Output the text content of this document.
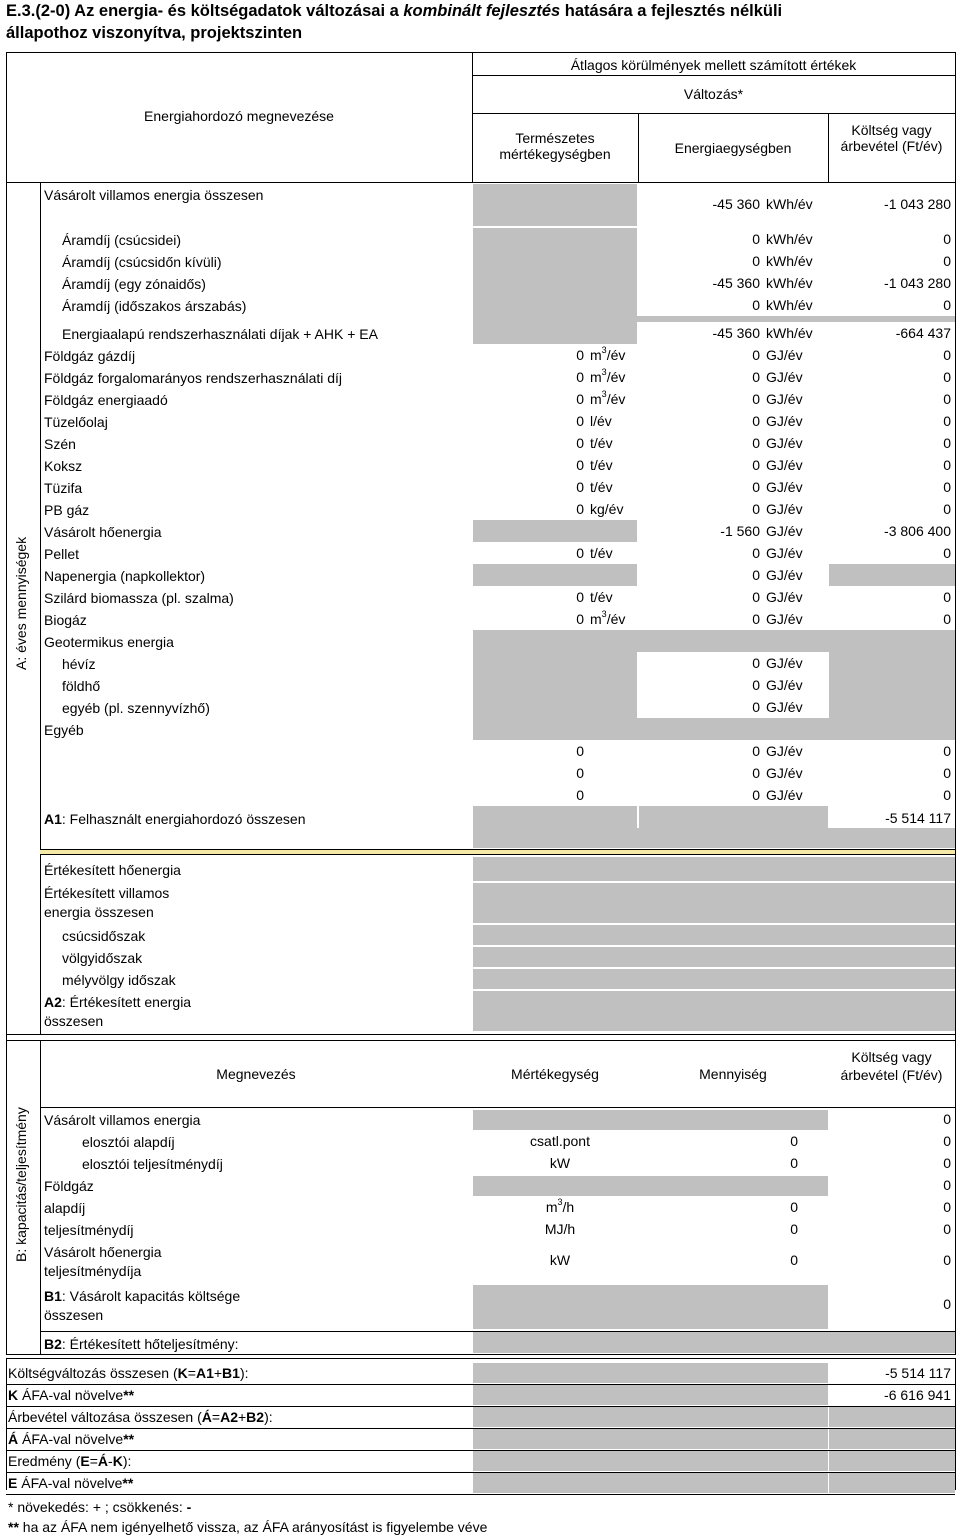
E.3.(2-0) Az energia- és költségadatok változásai a kombinált fejlesztés hatására a fejlesztés nélküli
állapothoz viszonyítva, projektszinten
Átlagos körülmények mellett számított értékek
Változás*
Energiahordozó megnevezése
Természetes mértékegységben	Energiaegységben
Költség vagy árbevétel (Ft/év)
A: éves mennyiségek
Vásárolt villamos energia összesen
-45 360 kWh/év	-1 043 280
Áramdíj (csúcsidei)	0 kWh/év	0
Áramdíj (csúcsidőn kívüli)	0 kWh/év	0
Áramdíj (egy zónaidős)	-45 360 kWh/év	-1 043 280
Áramdíj (időszakos árszabás)	0 kWh/év	0
Energiaalapú rendszerhasználati díjak + AHK + EA	-45 360 kWh/év	-664 437
Földgáz gázdíj	0 $m^3/év$	0 GJ/év	0
Földgáz forgalomarányos rendszerhasználati díj	0 $m^3/év$	0 GJ/év	0
Földgáz energiaadó	0 $m^3/év$	0 GJ/év	0
Tüzelőolaj	0 l/év	0 GJ/év	0
Szén	0 t/év	0 GJ/év	0
Koksz	0 t/év	0 GJ/év	0
Tüzifa	0 t/év	0 GJ/év	0
PB gáz	0 kg/év	0 GJ/év	0
Vásárolt hőenergia	-1 560 GJ/év	-3 806 400
Pellet	0 t/év	0 GJ/év	0
Napenergia (napkollektor)	0 GJ/év
Szilárd biomassza (pl. szalma)	0 t/év	0 GJ/év	0
Biogáz	0 $m^3/év$	0 GJ/év	0
Geotermikus energia
hévíz	0 GJ/év
földhő	0 GJ/év
egyéb (pl. szennyvízhő)	0 GJ/év
Egyéb
0	0 GJ/év	0
0	0 GJ/év	0
0	0 GJ/év	0
A1: Felhasznált energiahordozó összesen	-5 514 117
Értékesített hőenergia
Értékesített villamos energia összesen
csúcsidőszak
völgyidőszak
mélyvölgy időszak
A2: Értékesített energia összesen
B: kapacitás/teljesítmény
Megnevezés	Mértékegység	Mennyiség
Költség vagy árbevétel (Ft/év)
Vásárolt villamos energia	0
elosztói alapdíj	csatl.pont	0	0
elosztói teljesítménydíj	kW	0	0
Földgáz	0
alapdíj	$m^3/h$	0	0
teljesítménydíj	MJ/h	0	0
Vásárolt hőenergia teljesítménydíja
kW	0	0
B1: Vásárolt kapacitás költsége összesen
0
B2: Értékesített hőteljesítmény:
Költségváltozás összesen (K=A1+B1):	-5 514 117
K ÁFA-val növelve**	-6 616 941
Árbevétel változása összesen (Á=A2+B2):
Á ÁFA-val növelve**
Eredmény (E=Á-K):
E ÁFA-val növelve**
* növekedés: + ; csökkenés: -
** ha az ÁFA nem igényelhető vissza, az ÁFA arányosítást is figyelembe véve
